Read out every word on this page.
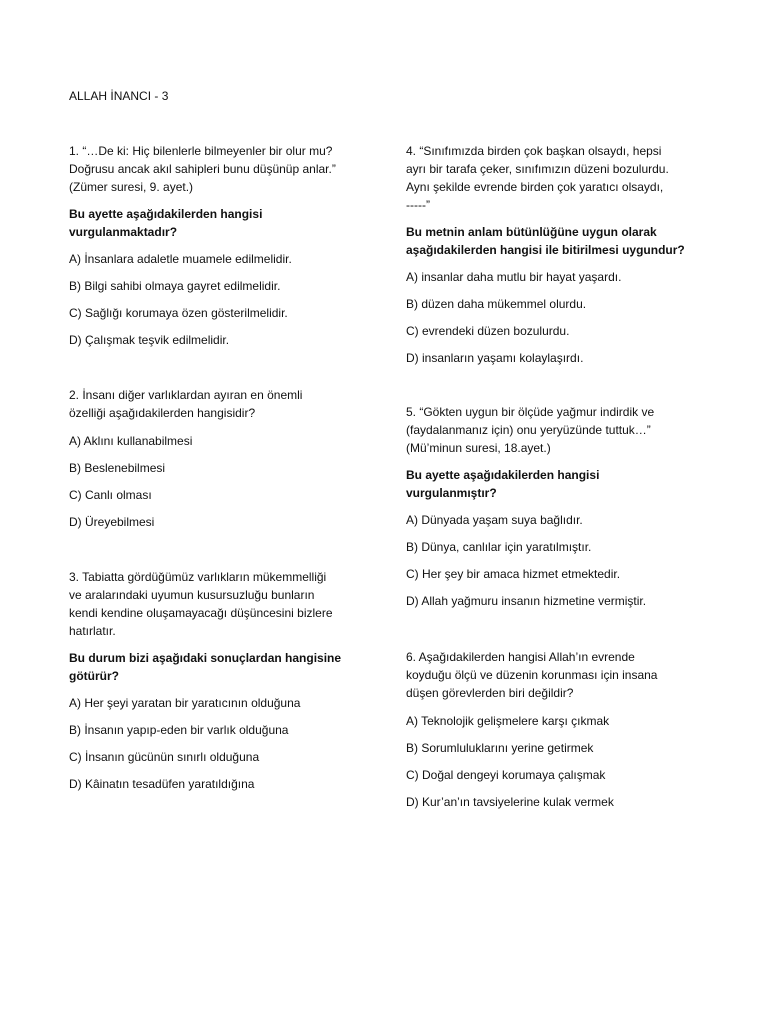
ALLAH İNANCI - 3
1. “…De ki: Hiç bilenlerle bilmeyenler bir olur mu?
Doğrusu ancak akıl sahipleri bunu düşünüp anlar.”
(Zümer suresi, 9. ayet.)
Bu ayette aşağıdakilerden hangisi
vurgulanmaktadır?
A) İnsanlara adaletle muamele edilmelidir.
B) Bilgi sahibi olmaya gayret edilmelidir.
C) Sağlığı korumaya özen gösterilmelidir.
D) Çalışmak teşvik edilmelidir.
2. İnsanı diğer varlıklardan ayıran en önemli
özelliği aşağıdakilerden hangisidir?
A) Aklını kullanabilmesi
B) Beslenebilmesi
C) Canlı olması
D) Üreyebilmesi
3. Tabiatta gördüğümüz varlıkların mükemmelliği
ve aralarındaki uyumun kusursuzluğu bunların
kendi kendine oluşamayacağı düşüncesini bizlere
hatırlatır.
Bu durum bizi aşağıdaki sonuçlardan hangisine
götürür?
A) Her şeyi yaratan bir yaratıcının olduğuna
B) İnsanın yapıp-eden bir varlık olduğuna
C) İnsanın gücünün sınırlı olduğuna
D) Kâinatın tesadüfen yaratıldığına
4. “Sınıfımızda birden çok başkan olsaydı, hepsi
ayrı bir tarafa çeker, sınıfımızın düzeni bozulurdu.
Aynı şekilde evrende birden çok yaratıcı olsaydı,
-----”
Bu metnin anlam bütünlüğüne uygun olarak
aşağıdakilerden hangisi ile bitirilmesi uygundur?
A) insanlar daha mutlu bir hayat yaşardı.
B) düzen daha mükemmel olurdu.
C) evrendeki düzen bozulurdu.
D) insanların yaşamı kolaylaşırdı.
5. “Gökten uygun bir ölçüde yağmur indirdik ve
(faydalanmanız için) onu yeryüzünde tuttuk…”
(Mü’minun suresi, 18.ayet.)
Bu ayette aşağıdakilerden hangisi
vurgulanmıştır?
A) Dünyada yaşam suya bağlıdır.
B) Dünya, canlılar için yaratılmıştır.
C) Her şey bir amaca hizmet etmektedir.
D) Allah yağmuru insanın hizmetine vermiştir.
6. Aşağıdakilerden hangisi Allah’ın evrende
koyduğu ölçü ve düzenin korunması için insana
düşen görevlerden biri değildir?
A) Teknolojik gelişmelere karşı çıkmak
B) Sorumluluklarını yerine getirmek
C) Doğal dengeyi korumaya çalışmak
D) Kur’an’ın tavsiyelerine kulak vermek
